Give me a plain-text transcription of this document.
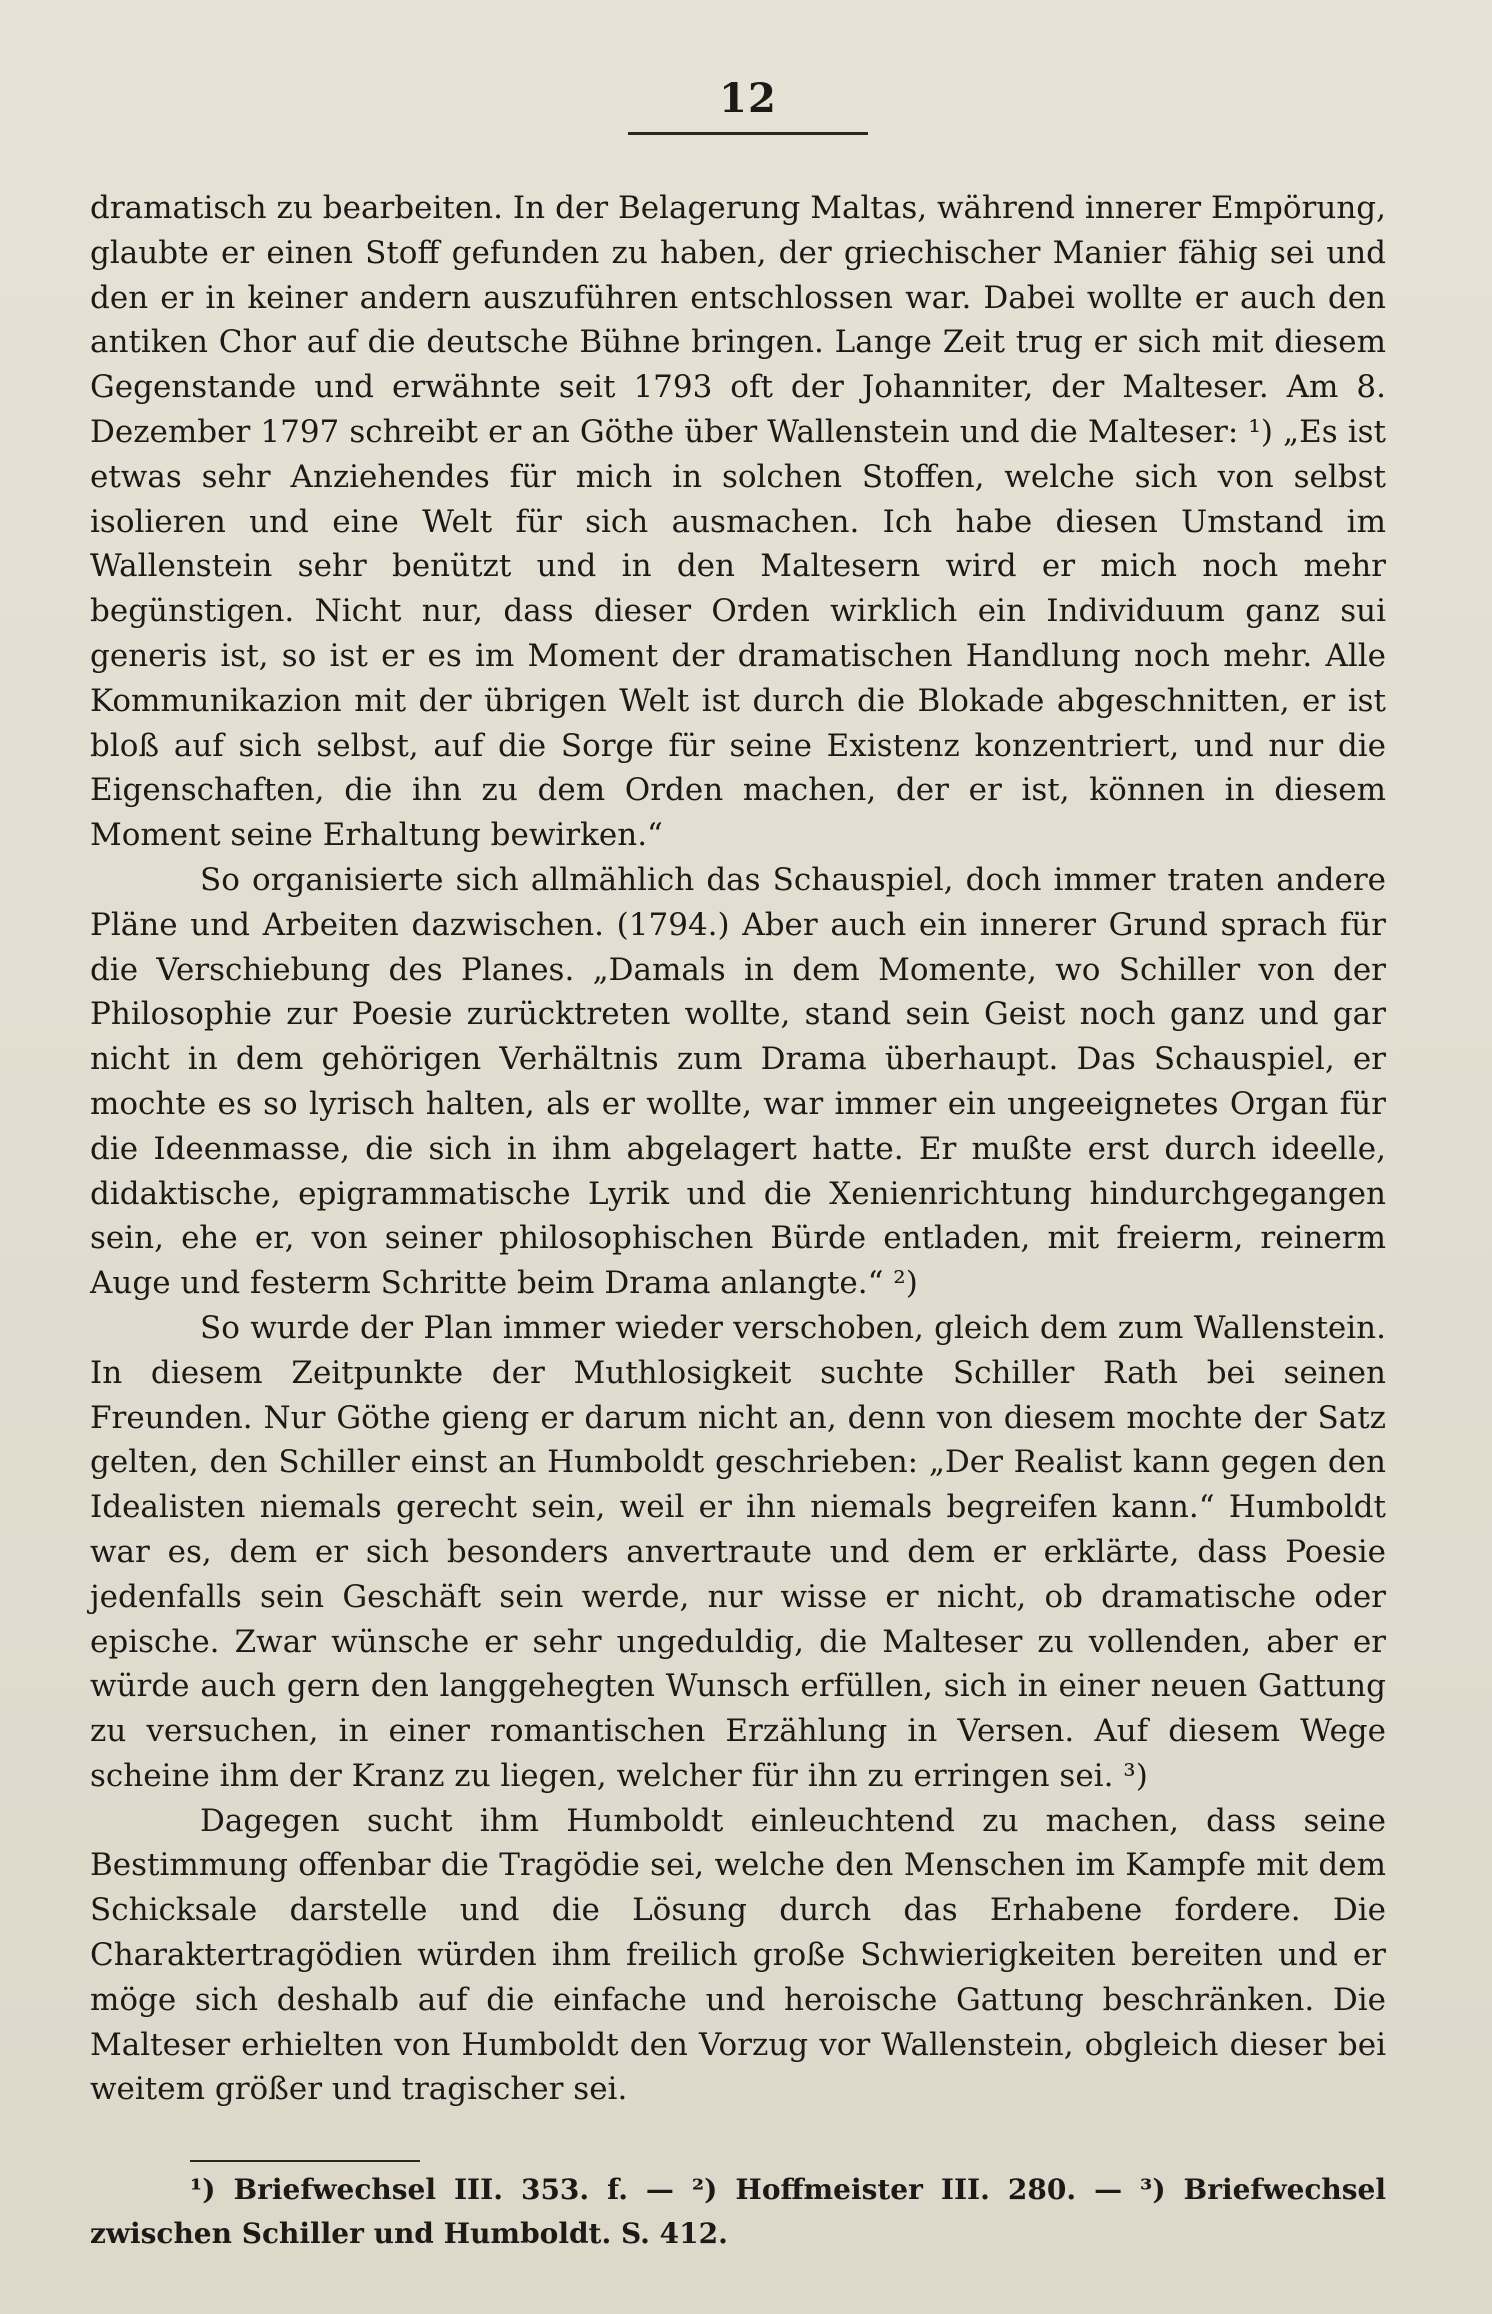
12

dramatisch zu bearbeiten. In der Belagerung Maltas, während innerer Empörung, glaubte er einen Stoff gefunden zu haben, der griechischer Manier fähig sei und den er in keiner andern auszuführen entschlossen war. Dabei wollte er auch den antiken Chor auf die deutsche Bühne bringen. Lange Zeit trug er sich mit diesem Gegenstande und erwähnte seit 1793 oft der Johanniter, der Malteser. Am 8. Dezember 1797 schreibt er an Göthe über Wallenstein und die Malteser: ¹) „Es ist etwas sehr Anziehendes für mich in solchen Stoffen, welche sich von selbst isolieren und eine Welt für sich ausmachen. Ich habe diesen Umstand im Wallenstein sehr benützt und in den Maltesern wird er mich noch mehr begünstigen. Nicht nur, dass dieser Orden wirklich ein Individuum ganz sui generis ist, so ist er es im Moment der dramatischen Handlung noch mehr. Alle Kommunikazion mit der übrigen Welt ist durch die Blokade abgeschnitten, er ist bloß auf sich selbst, auf die Sorge für seine Existenz konzentriert, und nur die Eigenschaften, die ihn zu dem Orden machen, der er ist, können in diesem Moment seine Erhaltung bewirken.“

So organisierte sich allmählich das Schauspiel, doch immer traten andere Pläne und Arbeiten dazwischen. (1794.) Aber auch ein innerer Grund sprach für die Verschiebung des Planes. „Damals in dem Momente, wo Schiller von der Philosophie zur Poesie zurücktreten wollte, stand sein Geist noch ganz und gar nicht in dem gehörigen Verhältnis zum Drama überhaupt. Das Schauspiel, er mochte es so lyrisch halten, als er wollte, war immer ein ungeeignetes Organ für die Ideenmasse, die sich in ihm abgelagert hatte. Er mußte erst durch ideelle, didaktische, epigrammatische Lyrik und die Xenienrichtung hindurchgegangen sein, ehe er, von seiner philosophischen Bürde entladen, mit freierm, reinerm Auge und festerm Schritte beim Drama anlangte.“ ²)

So wurde der Plan immer wieder verschoben, gleich dem zum Wallenstein. In diesem Zeitpunkte der Muthlosigkeit suchte Schiller Rath bei seinen Freunden. Nur Göthe gieng er darum nicht an, denn von diesem mochte der Satz gelten, den Schiller einst an Humboldt geschrieben: „Der Realist kann gegen den Idealisten niemals gerecht sein, weil er ihn niemals begreifen kann.“ Humboldt war es, dem er sich besonders anvertraute und dem er erklärte, dass Poesie jedenfalls sein Geschäft sein werde, nur wisse er nicht, ob dramatische oder epische. Zwar wünsche er sehr ungeduldig, die Malteser zu vollenden, aber er würde auch gern den langgehegten Wunsch erfüllen, sich in einer neuen Gattung zu versuchen, in einer romantischen Erzählung in Versen. Auf diesem Wege scheine ihm der Kranz zu liegen, welcher für ihn zu erringen sei. ³)

Dagegen sucht ihm Humboldt einleuchtend zu machen, dass seine Bestimmung offenbar die Tragödie sei, welche den Menschen im Kampfe mit dem Schicksale darstelle und die Lösung durch das Erhabene fordere. Die Charaktertragödien würden ihm freilich große Schwierigkeiten bereiten und er möge sich deshalb auf die einfache und heroische Gattung beschränken. Die Malteser erhielten von Humboldt den Vorzug vor Wallenstein, obgleich dieser bei weitem größer und tragischer sei.

¹) Briefwechsel III. 353. f. — ²) Hoffmeister III. 280. — ³) Briefwechsel zwischen Schiller und Humboldt. S. 412.
